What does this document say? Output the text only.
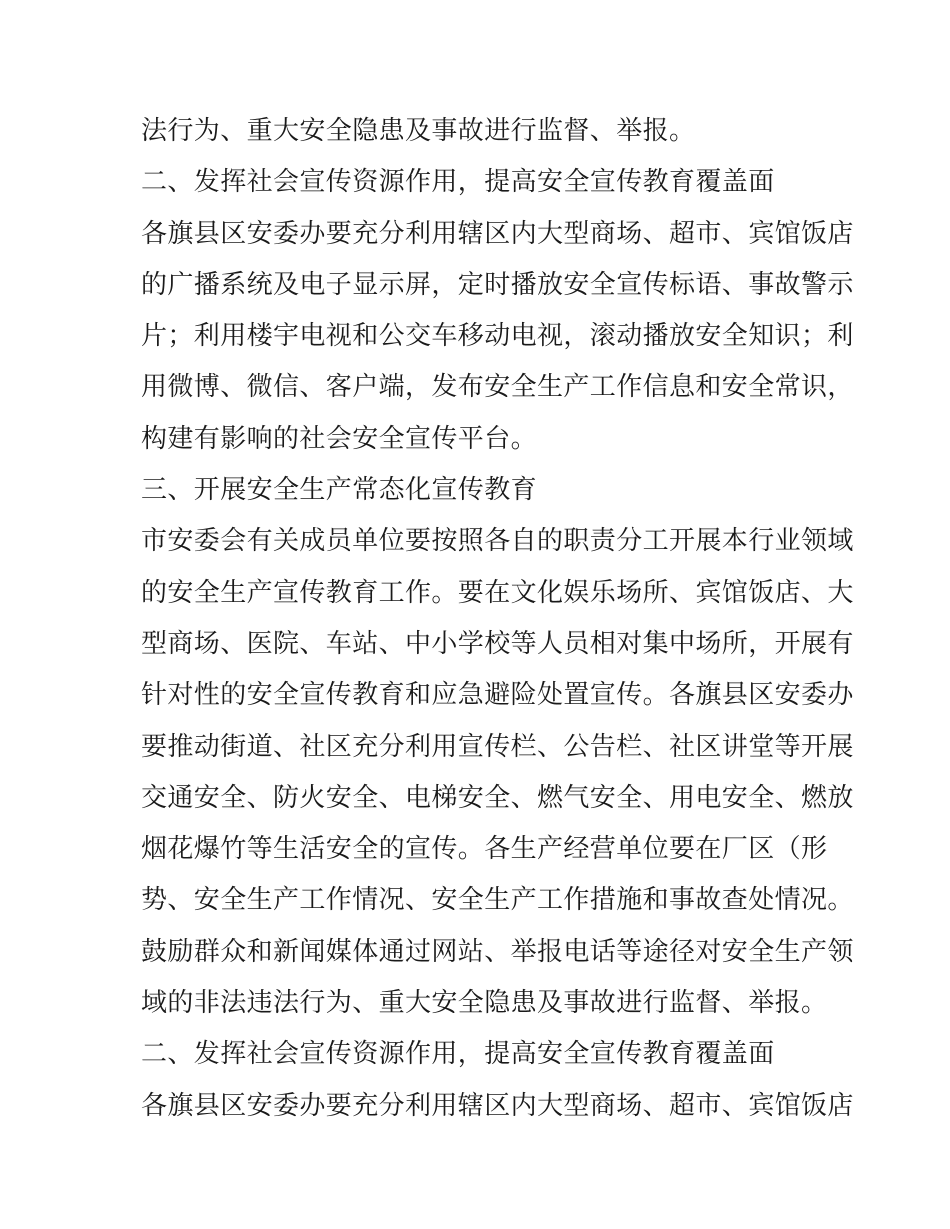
法行为、重大安全隐患及事故进行监督、举报。
二、发挥社会宣传资源作用，提高安全宣传教育覆盖面
各旗县区安委办要充分利用辖区内大型商场、超市、宾馆饭店
的广播系统及电子显示屏，定时播放安全宣传标语、事故警示
片；利用楼宇电视和公交车移动电视，滚动播放安全知识；利
用微博、微信、客户端，发布安全生产工作信息和安全常识，
构建有影响的社会安全宣传平台。
三、开展安全生产常态化宣传教育
市安委会有关成员单位要按照各自的职责分工开展本行业领域
的安全生产宣传教育工作。要在文化娱乐场所、宾馆饭店、大
型商场、医院、车站、中小学校等人员相对集中场所，开展有
针对性的安全宣传教育和应急避险处置宣传。各旗县区安委办
要推动街道、社区充分利用宣传栏、公告栏、社区讲堂等开展
交通安全、防火安全、电梯安全、燃气安全、用电安全、燃放
烟花爆竹等生活安全的宣传。各生产经营单位要在厂区（形
势、安全生产工作情况、安全生产工作措施和事故查处情况。
鼓励群众和新闻媒体通过网站、举报电话等途径对安全生产领
域的非法违法行为、重大安全隐患及事故进行监督、举报。
二、发挥社会宣传资源作用，提高安全宣传教育覆盖面
各旗县区安委办要充分利用辖区内大型商场、超市、宾馆饭店
